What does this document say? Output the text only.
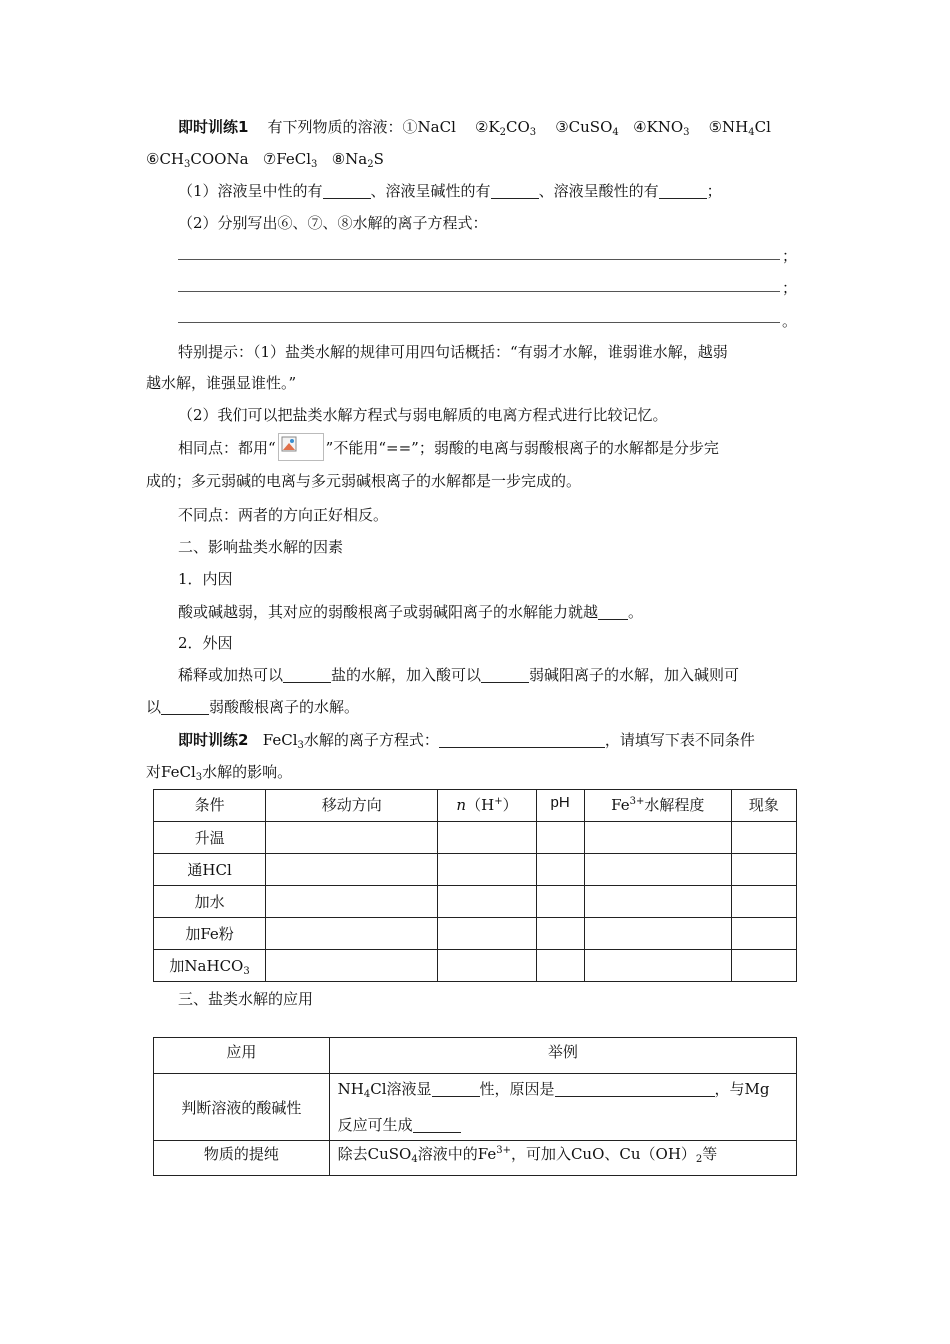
即时训练1 有下列物质的溶液：①NaCl $②K_2CO_3$ ③CuSO$_4$ $④KNO_3$ $⑤NH_4Cl$
$⑥CH_3COONa$ ⑦FeCl$_3$ $⑧Na_2S$
（1）溶液呈中性的有	、溶液呈碱性的有	、溶液呈酸性的有	；
（2）分别写出⑥、⑦、⑧水解的离子方程式：
；
；
。
特别提示：（1）盐类水解的规律可用四句话概括：“有弱才水解，谁弱谁水解，越弱
越水解，谁强显谁性。”
（2）我们可以把盐类水解方程式与弱电解质的电离方程式进行比较记忆。
相同点：都用“	”不能用“==”；弱酸的电离与弱酸根离子的水解都是分步完
成的；多元弱碱的电离与多元弱碱根离子的水解都是一步完成的。
不同点：两者的方向正好相反。
二、影响盐类水解的因素
1．内因
酸或碱越弱，其对应的弱酸根离子或弱碱阳离子的水解能力就越 。
2．外因
稀释或加热可以	盐的水解，加入酸可以	弱碱阳离子的水解，加入碱则可
以	弱酸酸根离子的水解。
即时训练2 FeCl$_3$水解的离子方程式：	，请填写下表不同条件
对FeCl$_3$水解的影响。
条件	移动方向	n（H+）	pH	$Fe^{3+}$水解程度	现象
升温					
通HCl					
加水					
加Fe粉					
加NaHCO$_3$					
三、盐类水解的应用
应用	举例
判断溶液的酸碱性	$NH_4Cl$溶液显 性，原因是 ，与Mg
反应可生成
物质的提纯	除去CuSO$_4$溶液中的$Fe^{3+}$，可加入CuO、$Cu(OH)_2$等
